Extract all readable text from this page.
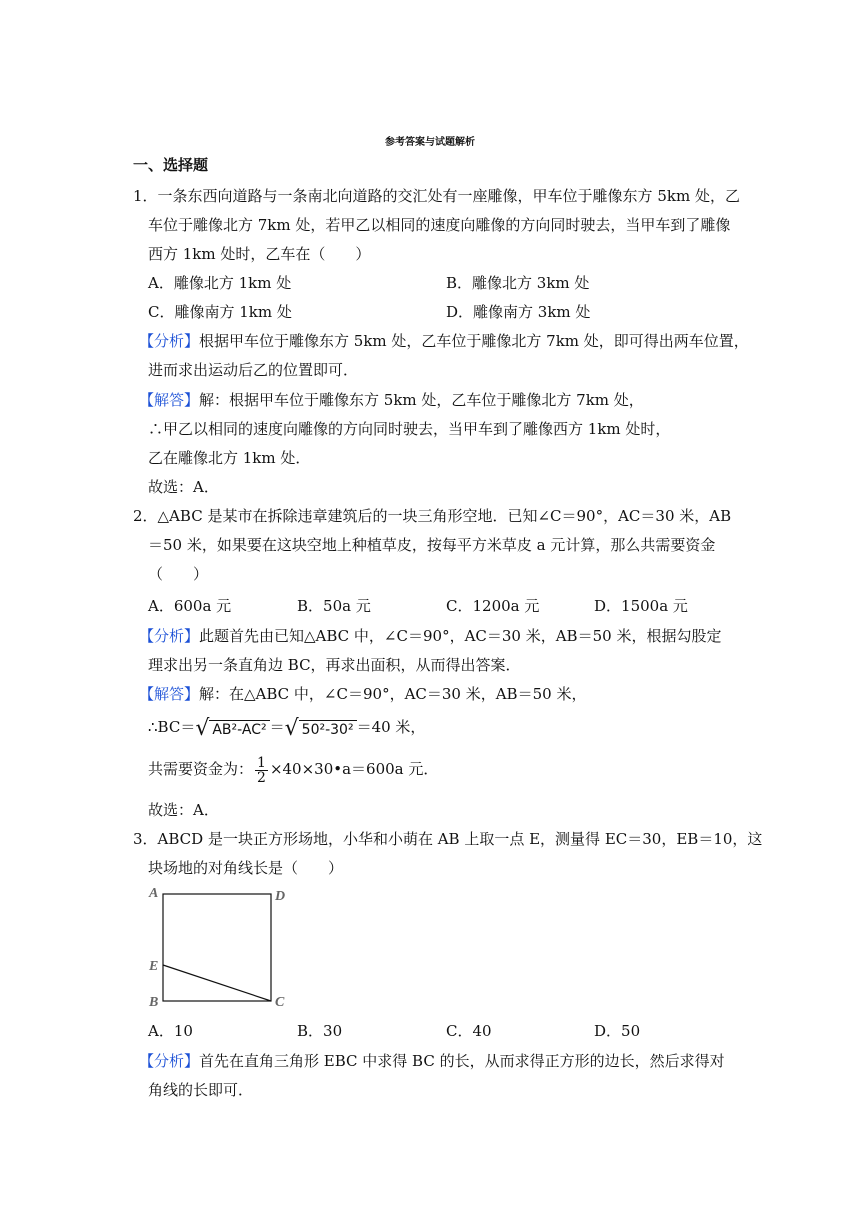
参考答案与试题解析
一、选择题
1．一条东西向道路与一条南北向道路的交汇处有一座雕像，甲车位于雕像东方 5km 处，乙
车位于雕像北方 7km 处，若甲乙以相同的速度向雕像的方向同时驶去，当甲车到了雕像
西方 1km 处时，乙车在（　　）
A．雕像北方 1km 处	B．雕像北方 3km 处
C．雕像南方 1km 处	D．雕像南方 3km 处
【分析】根据甲车位于雕像东方 5km 处，乙车位于雕像北方 7km 处，即可得出两车位置，
进而求出运动后乙的位置即可．
【解答】解：根据甲车位于雕像东方 5km 处，乙车位于雕像北方 7km 处，
∴甲乙以相同的速度向雕像的方向同时驶去，当甲车到了雕像西方 1km 处时，
乙在雕像北方 1km 处．
故选：A．
2．△ABC 是某市在拆除违章建筑后的一块三角形空地．已知∠C＝90°，AC＝30 米，AB
＝50 米，如果要在这块空地上种植草皮，按每平方米草皮 a 元计算，那么共需要资金
（　　）
A．600a 元	B．50a 元	C．1200a 元	D．1500a 元
【分析】此题首先由已知△ABC 中，∠C＝90°，AC＝30 米，AB＝50 米，根据勾股定
理求出另一条直角边 BC，再求出面积，从而得出答案．
【解答】解：在△ABC 中，∠C＝90°，AC＝30 米，AB＝50 米，
∴BC＝√ AB²-AC² ＝√ 50²-30² ＝40 米，
共需要资金为： $\frac{1}{2}$ ×40×30•a＝600a 元．
故选：A．
3．ABCD 是一块正方形场地，小华和小萌在 AB 上取一点 E，测量得 EC＝30，EB＝10，这
块场地的对角线长是（　　）
A	D
E
B	C
A．10	B．30	C．40	D．50
【分析】首先在直角三角形 EBC 中求得 BC 的长，从而求得正方形的边长，然后求得对
角线的长即可．
